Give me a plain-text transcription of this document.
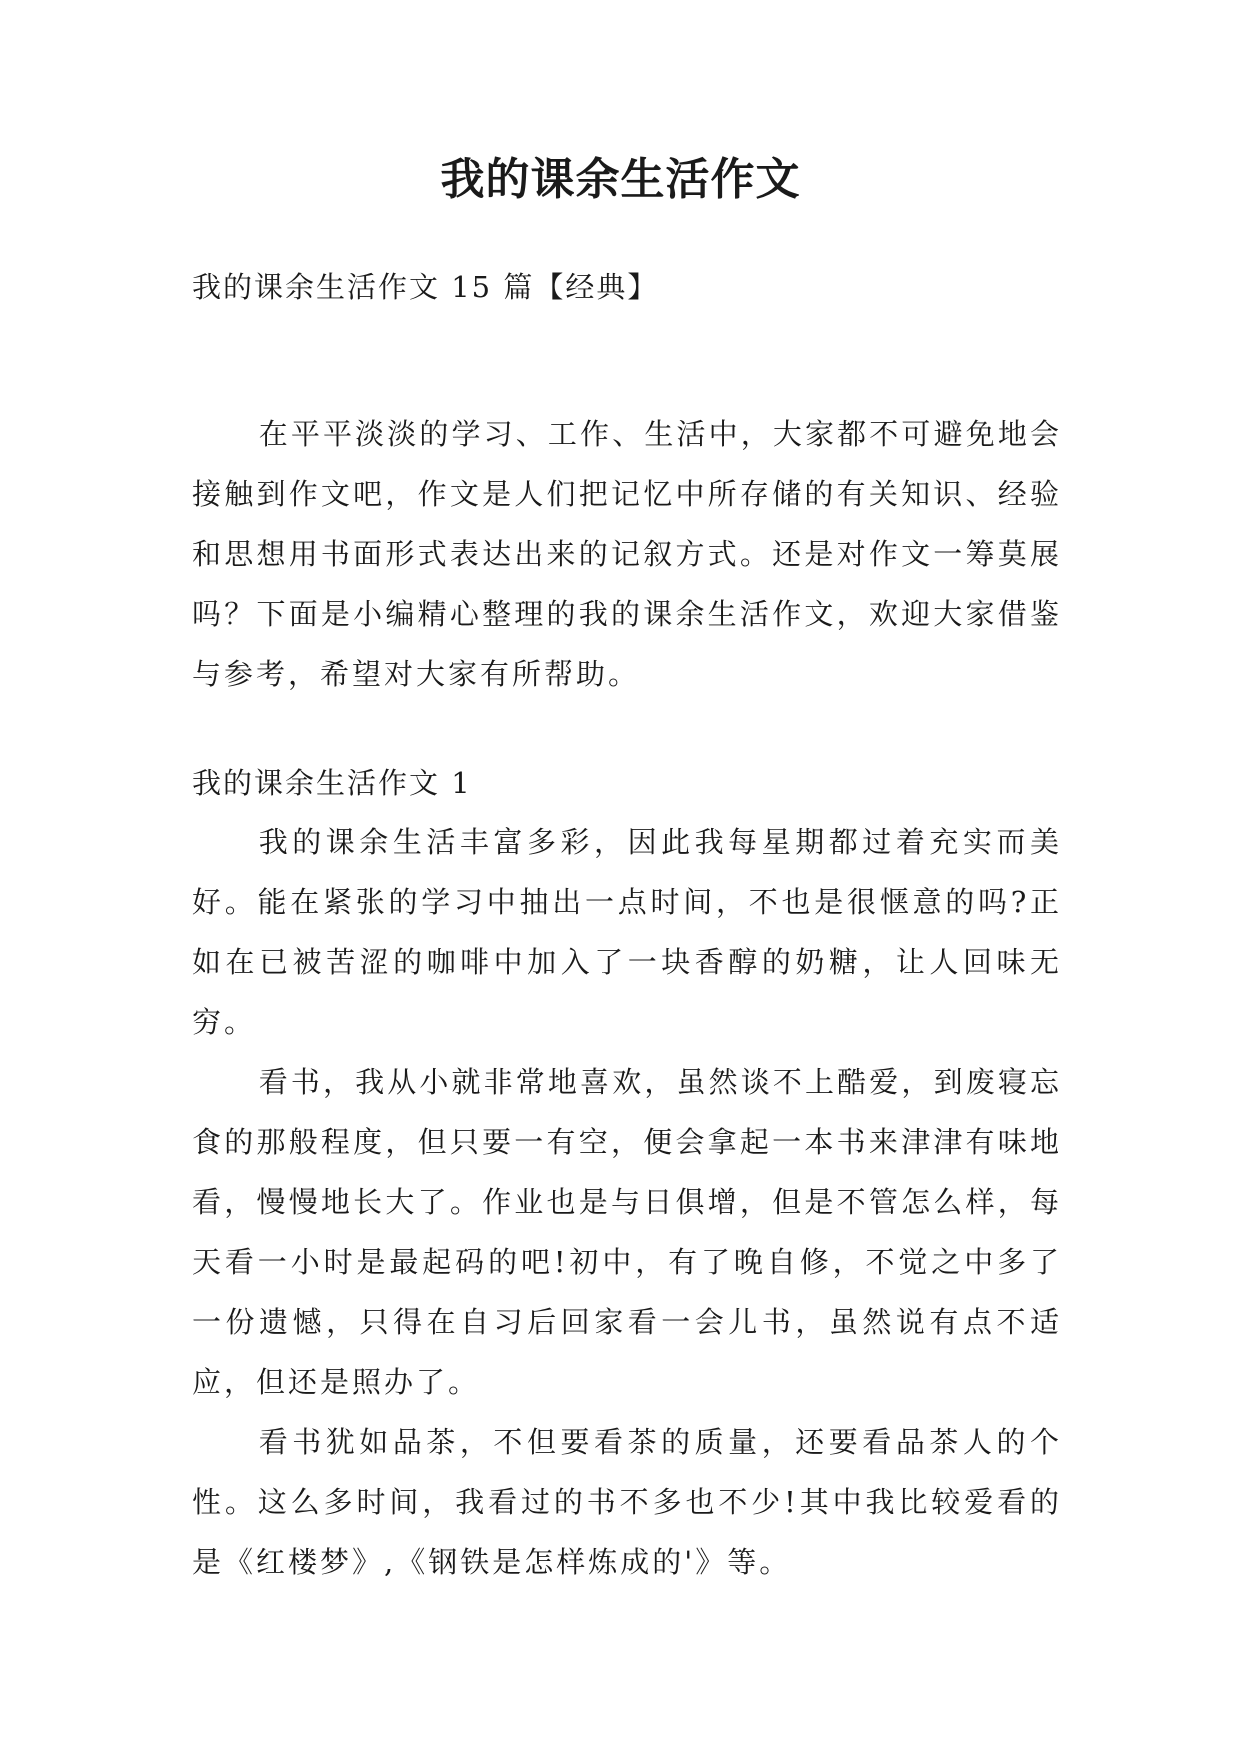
我的课余生活作文

我的课余生活作文 15 篇【经典】

在平平淡淡的学习、工作、生活中，大家都不可避免地会接触到作文吧，作文是人们把记忆中所存储的有关知识、经验和思想用书面形式表达出来的记叙方式。还是对作文一筹莫展吗？下面是小编精心整理的我的课余生活作文，欢迎大家借鉴与参考，希望对大家有所帮助。

我的课余生活作文 1

我的课余生活丰富多彩，因此我每星期都过着充实而美好。能在紧张的学习中抽出一点时间，不也是很惬意的吗?正如在已被苦涩的咖啡中加入了一块香醇的奶糖，让人回味无穷。

看书，我从小就非常地喜欢，虽然谈不上酷爱，到废寝忘食的那般程度，但只要一有空，便会拿起一本书来津津有味地看，慢慢地长大了。作业也是与日俱增，但是不管怎么样，每天看一小时是最起码的吧!初中，有了晚自修，不觉之中多了一份遗憾，只得在自习后回家看一会儿书，虽然说有点不适应，但还是照办了。

看书犹如品茶，不但要看茶的质量，还要看品茶人的个性。这么多时间，我看过的书不多也不少!其中我比较爱看的是《红楼梦》,《钢铁是怎样炼成的'》等。
